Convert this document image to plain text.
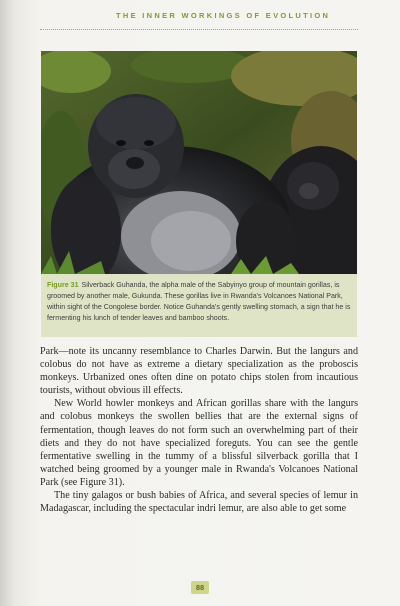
THE INNER WORKINGS OF EVOLUTION

Figure 31 Silverback Guhanda, the alpha male of the Sabyinyo group of mountain gorillas, is groomed by another male, Gukunda. These gorillas live in Rwanda's Volcanoes National Park, within sight of the Congolese border. Notice Guhanda's gently swelling stomach, a sign that he is fermenting his lunch of tender leaves and bamboo shoots.

Park—note its uncanny resemblance to Charles Darwin. But the langurs and colobus do not have as extreme a dietary specialization as the proboscis monkeys. Urbanized ones often dine on potato chips stolen from incautious tourists, without obvious ill effects.

New World howler monkeys and African gorillas share with the langurs and colobus monkeys the swollen bellies that are the external signs of fermentation, though leaves do not form such an overwhelming part of their diets and they do not have specialized foreguts. You can see the gentle fermentative swelling in the tummy of a blissful silverback gorilla that I watched being groomed by a younger male in Rwanda's Volcanoes National Park (see Figure 31).

The tiny galagos or bush babies of Africa, and several species of lemur in Madagascar, including the spectacular indri lemur, are also able to get some

88
